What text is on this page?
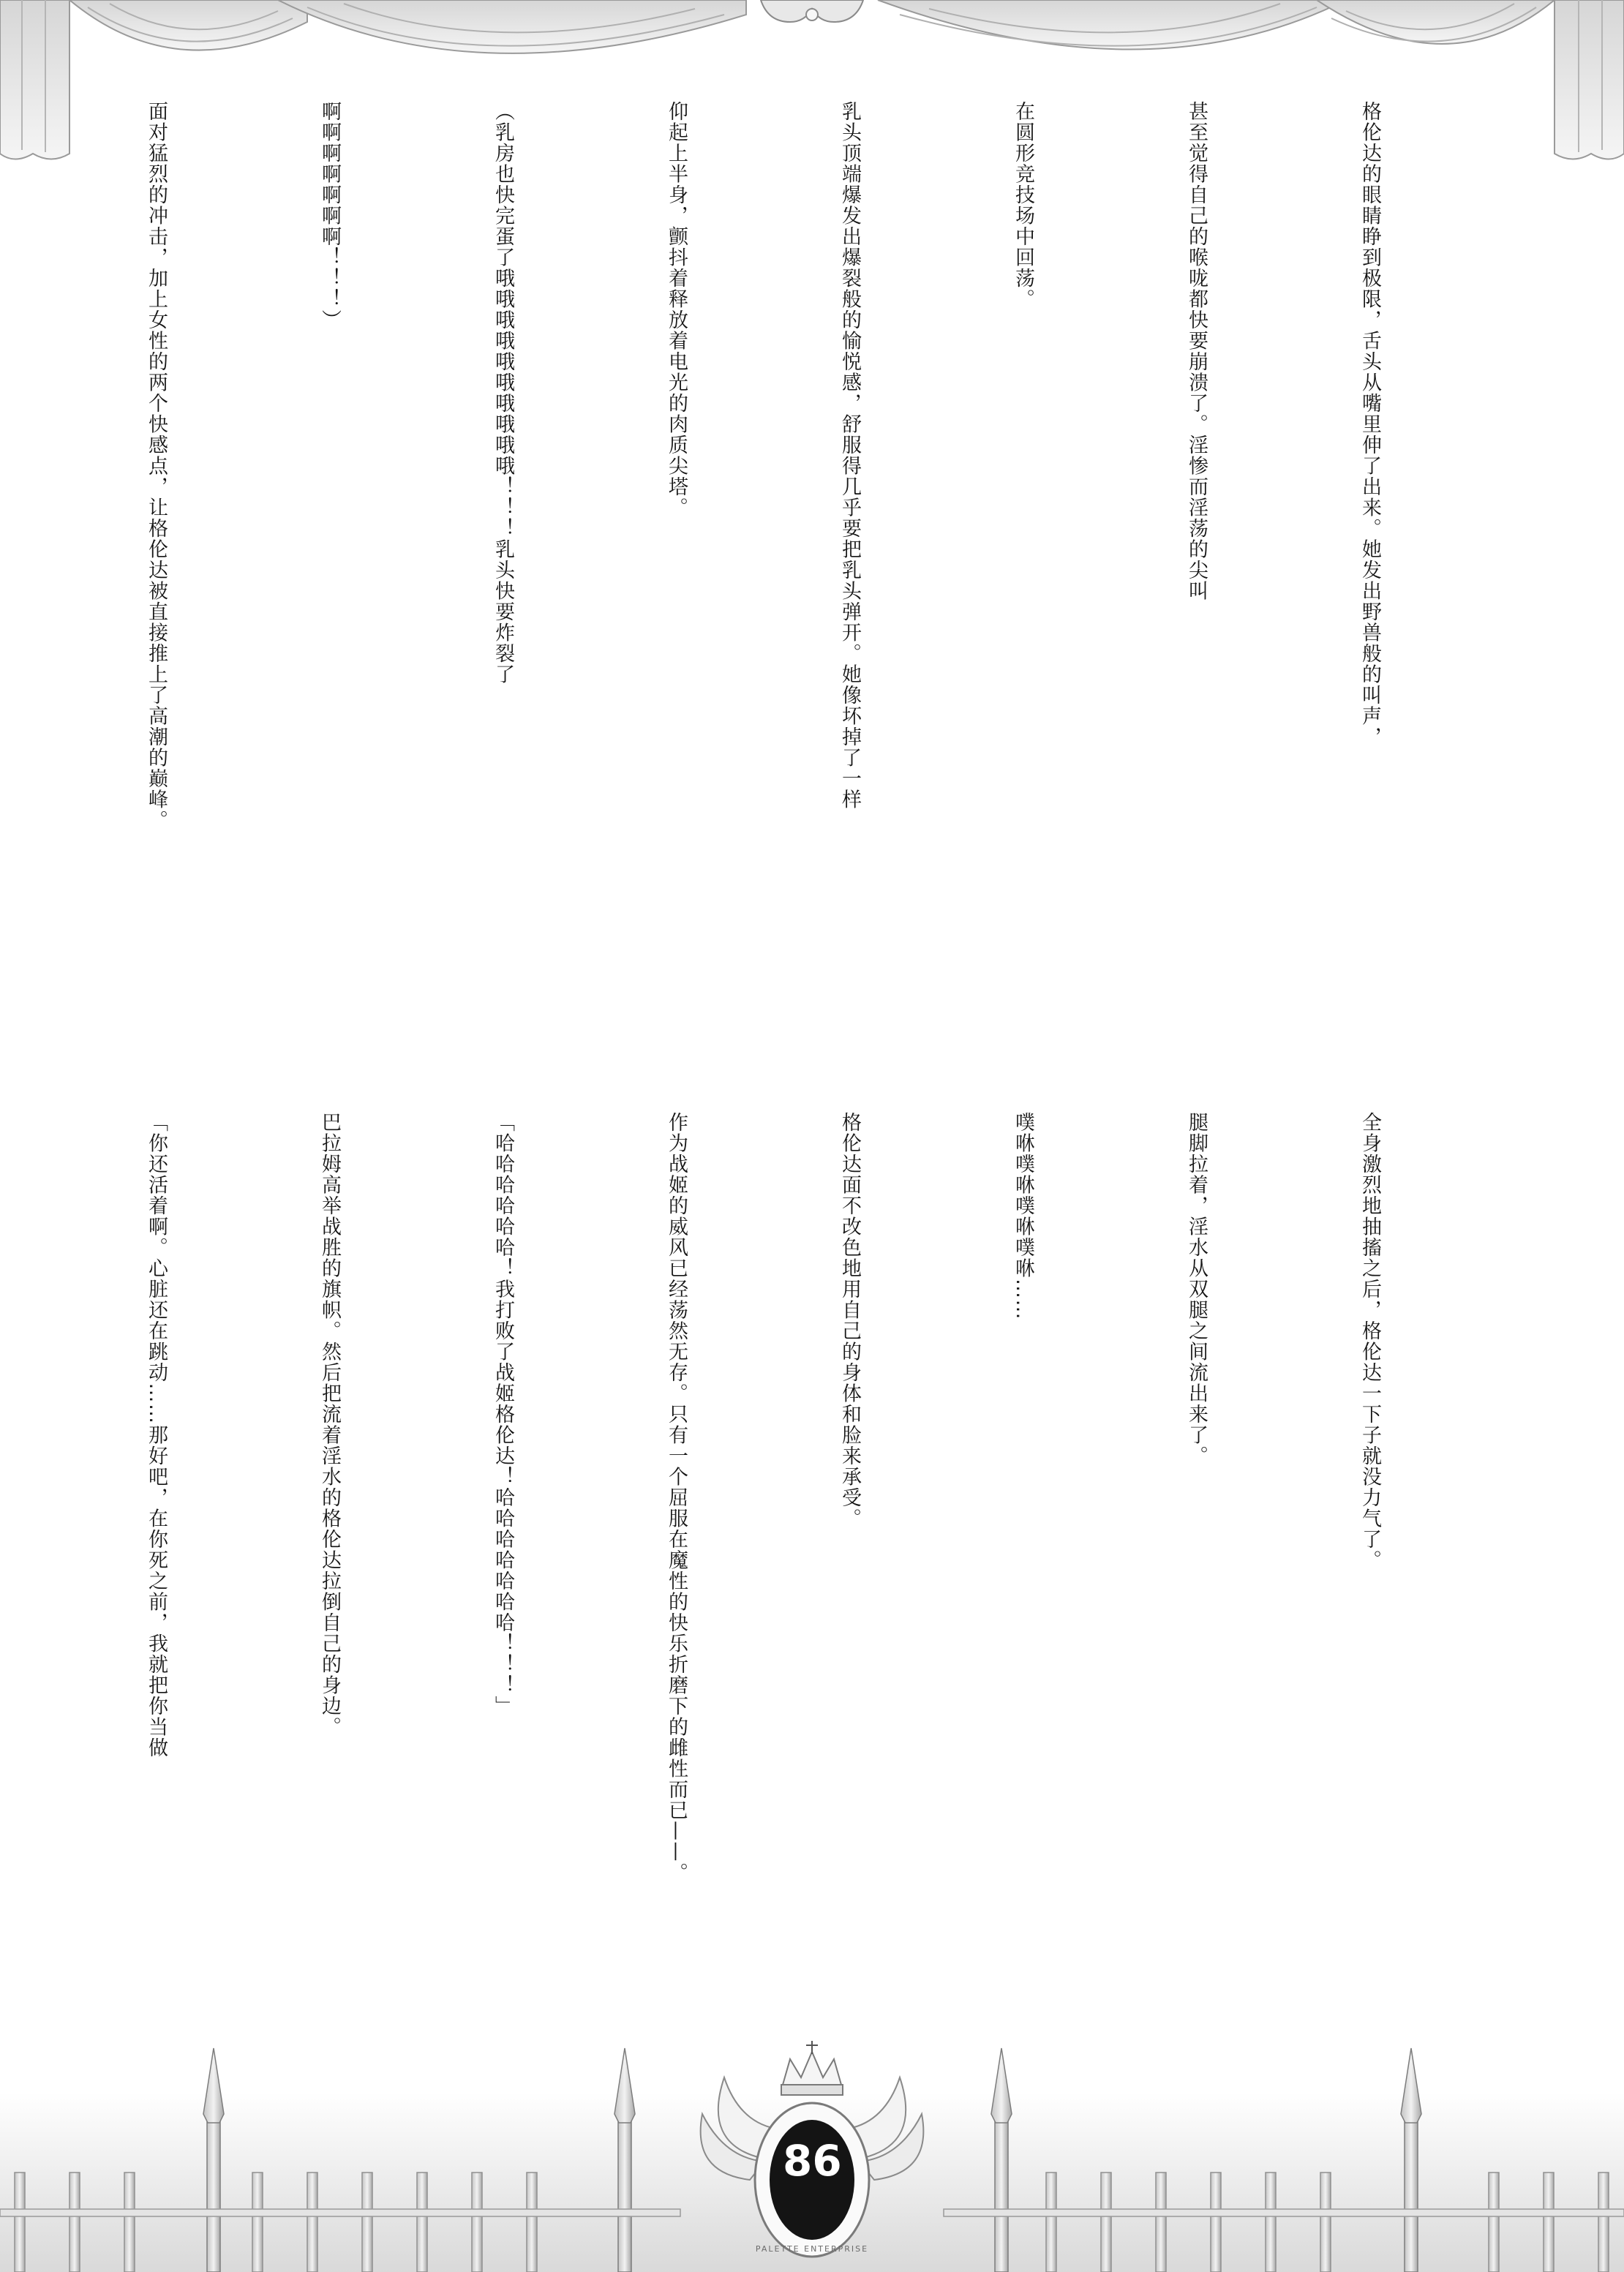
格伦达的眼睛睁到极限，舌头从嘴里伸了出来。她发出野兽般的叫声，

甚至觉得自己的喉咙都快要崩溃了。淫惨而淫荡的尖叫

在圆形竞技场中回荡。

乳头顶端爆发出爆裂般的愉悦感，舒服得几乎要把乳头弹开。她像坏掉了一样

仰起上半身，颤抖着释放着电光的肉质尖塔。

（乳房也快完蛋了哦哦哦哦哦哦哦哦哦哦！！！乳头快要炸裂了

啊啊啊啊啊啊啊！！！）

面对猛烈的冲击，加上女性的两个快感点，让格伦达被直接推上了高潮的巅峰。

全身激烈地抽搐之后，格伦达一下子就没力气了。

腿脚拉着，淫水从双腿之间流出来了。

噗咻噗咻噗咻噗咻……

格伦达面不改色地用自己的身体和脸来承受。

作为战姬的威风已经荡然无存。只有一个屈服在魔性的快乐折磨下的雌性而已——。

「哈哈哈哈哈哈！我打败了战姬格伦达！哈哈哈哈哈哈哈！！！」

巴拉姆高举战胜的旗帜。然后把流着淫水的格伦达拉倒自己的身边。

「你还活着啊。心脏还在跳动……那好吧，在你死之前，我就把你当做

86
PALETTE ENTERPRISE
